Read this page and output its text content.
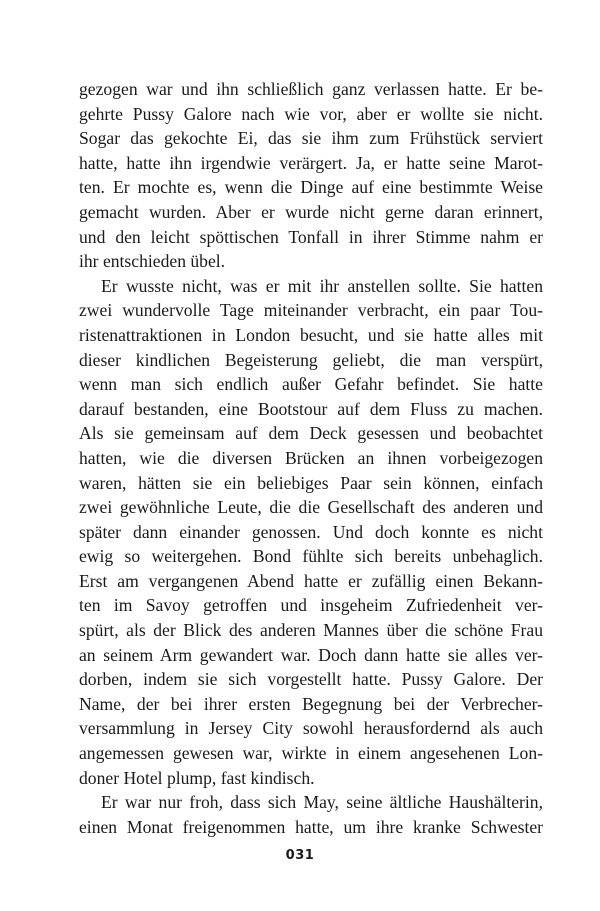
gezogen war und ihn schließlich ganz verlassen hatte. Er be-
gehrte Pussy Galore nach wie vor, aber er wollte sie nicht.
Sogar das gekochte Ei, das sie ihm zum Frühstück serviert
hatte, hatte ihn irgendwie verärgert. Ja, er hatte seine Marot-
ten. Er mochte es, wenn die Dinge auf eine bestimmte Weise
gemacht wurden. Aber er wurde nicht gerne daran erinnert,
und den leicht spöttischen Tonfall in ihrer Stimme nahm er
ihr entschieden übel.
Er wusste nicht, was er mit ihr anstellen sollte. Sie hatten
zwei wundervolle Tage miteinander verbracht, ein paar Tou-
ristenattraktionen in London besucht, und sie hatte alles mit
dieser kindlichen Begeisterung geliebt, die man verspürt,
wenn man sich endlich außer Gefahr befindet. Sie hatte
darauf bestanden, eine Bootstour auf dem Fluss zu machen.
Als sie gemeinsam auf dem Deck gesessen und beobachtet
hatten, wie die diversen Brücken an ihnen vorbeigezogen
waren, hätten sie ein beliebiges Paar sein können, einfach
zwei gewöhnliche Leute, die die Gesellschaft des anderen und
später dann einander genossen. Und doch konnte es nicht
ewig so weitergehen. Bond fühlte sich bereits unbehaglich.
Erst am vergangenen Abend hatte er zufällig einen Bekann-
ten im Savoy getroffen und insgeheim Zufriedenheit ver-
spürt, als der Blick des anderen Mannes über die schöne Frau
an seinem Arm gewandert war. Doch dann hatte sie alles ver-
dorben, indem sie sich vorgestellt hatte. Pussy Galore. Der
Name, der bei ihrer ersten Begegnung bei der Verbrecher-
versammlung in Jersey City sowohl herausfordernd als auch
angemessen gewesen war, wirkte in einem angesehenen Lon-
doner Hotel plump, fast kindisch.
Er war nur froh, dass sich May, seine ältliche Haushälterin,
einen Monat freigenommen hatte, um ihre kranke Schwester
031
